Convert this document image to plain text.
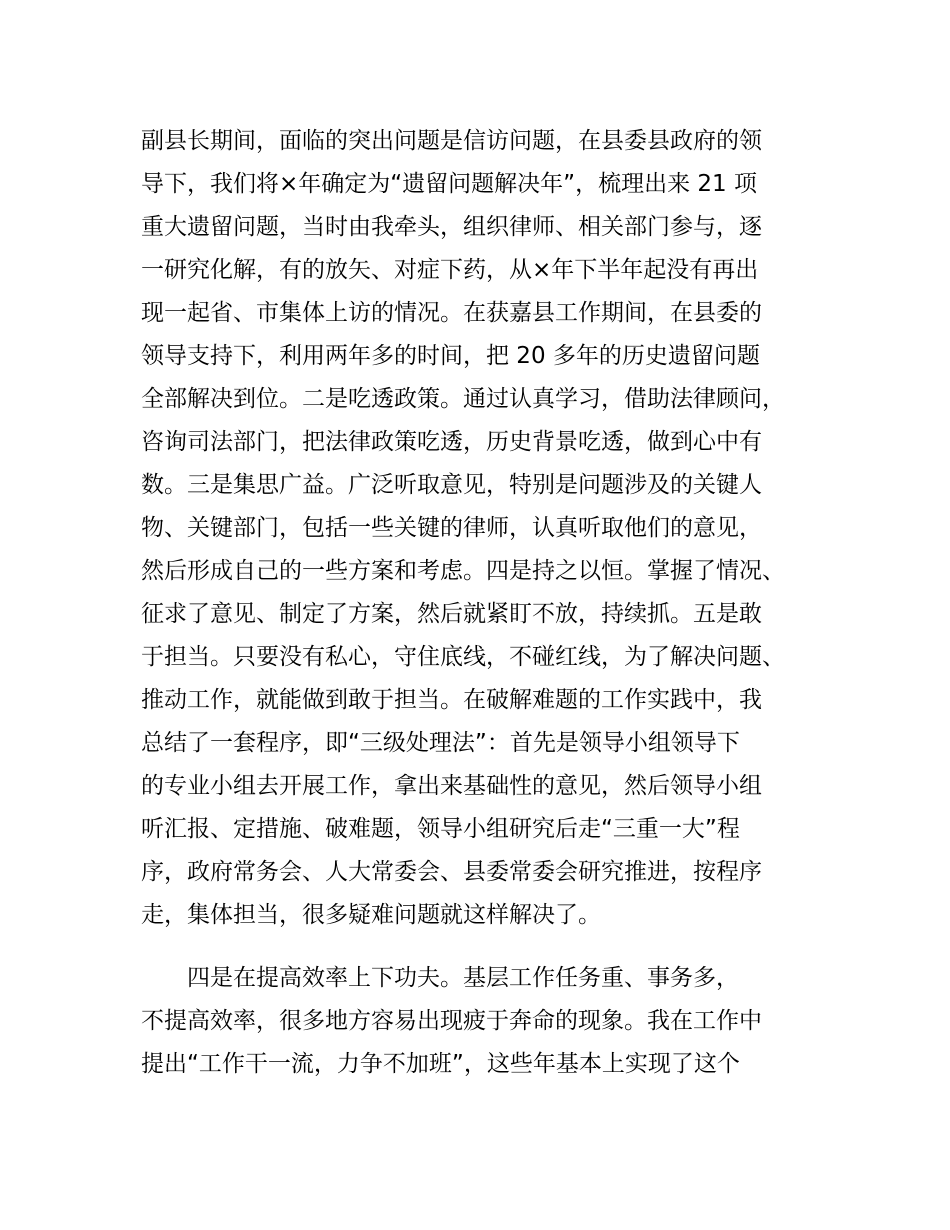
副县长期间，面临的突出问题是信访问题，在县委县政府的领
导下，我们将×年确定为“遗留问题解决年”，梳理出来 21 项
重大遗留问题，当时由我牵头，组织律师、相关部门参与，逐
一研究化解，有的放矢、对症下药，从×年下半年起没有再出
现一起省、市集体上访的情况。在获嘉县工作期间，在县委的
领导支持下，利用两年多的时间，把 20 多年的历史遗留问题
全部解决到位。二是吃透政策。通过认真学习，借助法律顾问，
咨询司法部门，把法律政策吃透，历史背景吃透，做到心中有
数。三是集思广益。广泛听取意见，特别是问题涉及的关键人
物、关键部门，包括一些关键的律师，认真听取他们的意见，
然后形成自己的一些方案和考虑。四是持之以恒。掌握了情况、
征求了意见、制定了方案，然后就紧盯不放，持续抓。五是敢
于担当。只要没有私心，守住底线，不碰红线，为了解决问题、
推动工作，就能做到敢于担当。在破解难题的工作实践中，我
总结了一套程序，即“三级处理法”：首先是领导小组领导下
的专业小组去开展工作，拿出来基础性的意见，然后领导小组
听汇报、定措施、破难题，领导小组研究后走“三重一大”程
序，政府常务会、人大常委会、县委常委会研究推进，按程序
走，集体担当，很多疑难问题就这样解决了。
　　四是在提高效率上下功夫。基层工作任务重、事务多，
不提高效率，很多地方容易出现疲于奔命的现象。我在工作中
提出“工作干一流，力争不加班”，这些年基本上实现了这个
